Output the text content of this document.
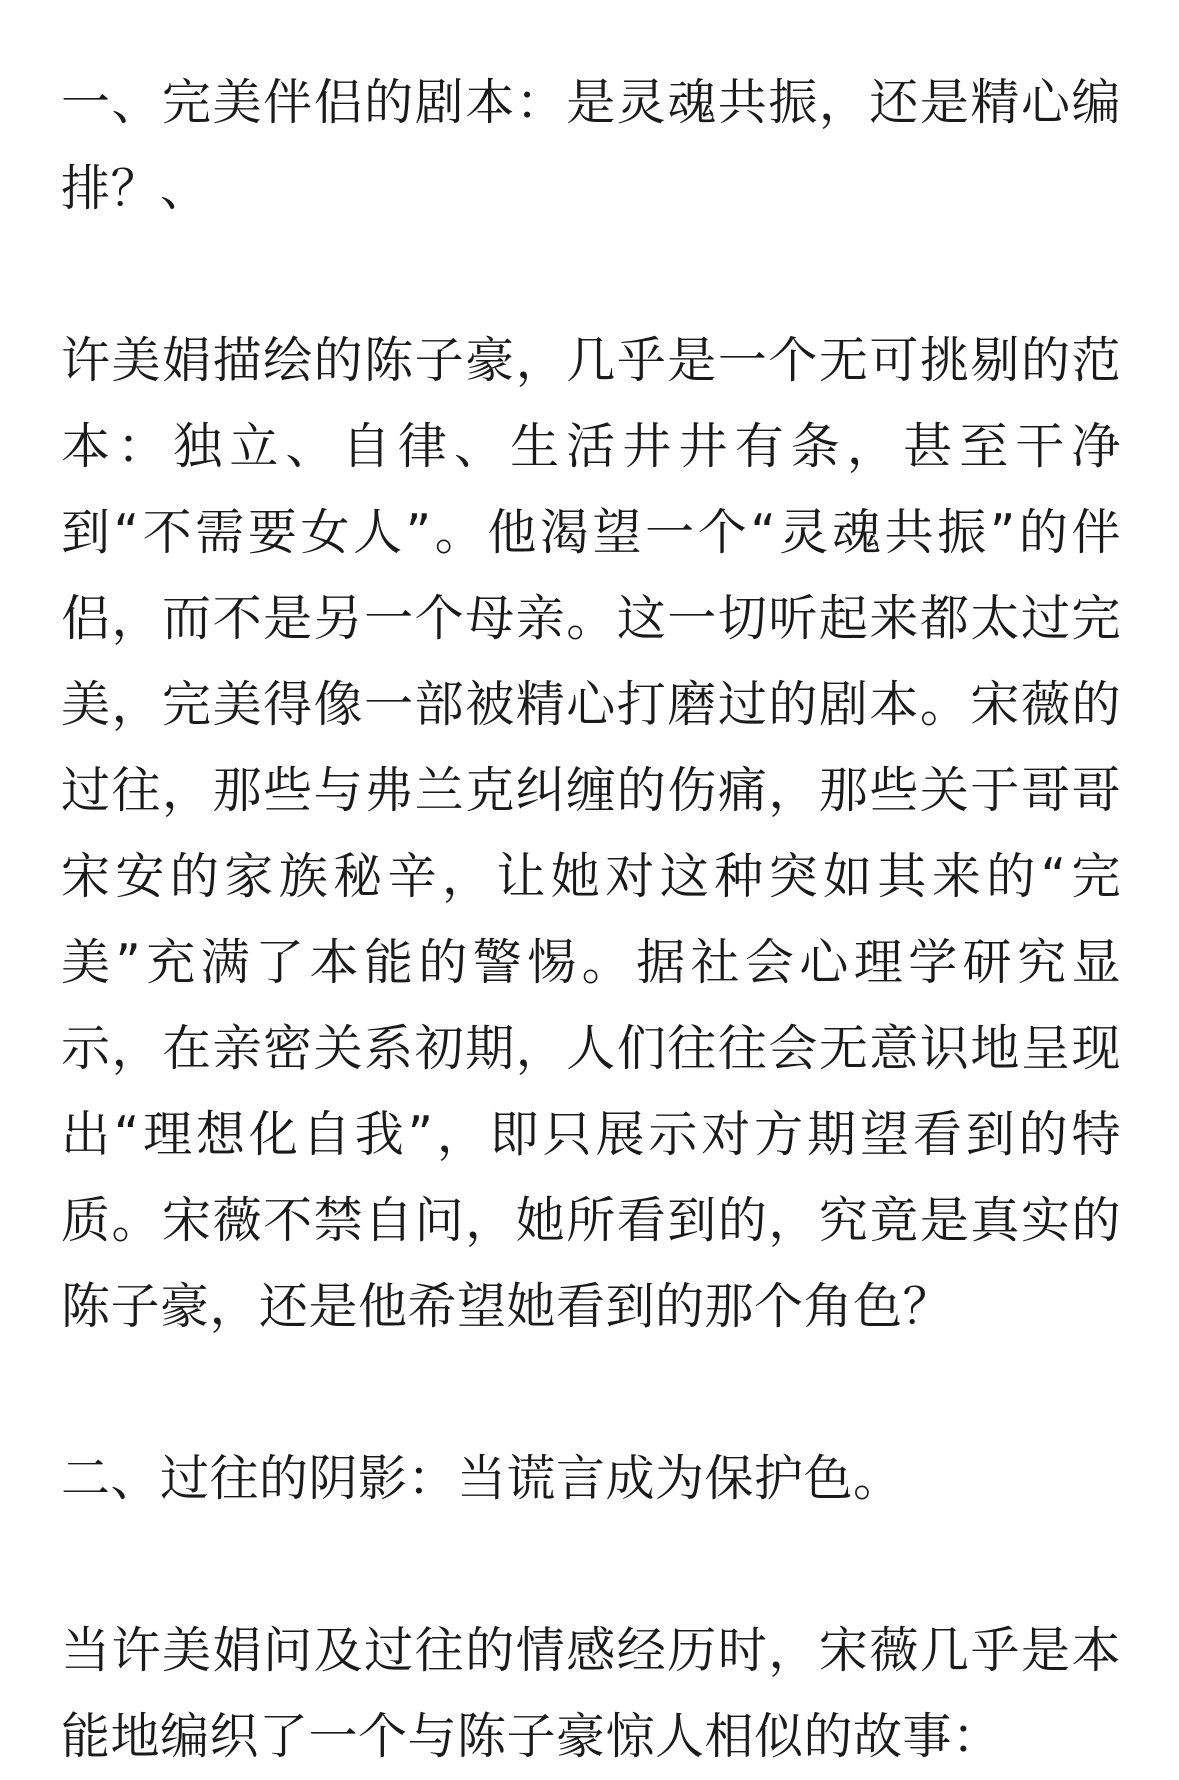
一、完美伴侣的剧本：是灵魂共振，还是精心编排？、

许美娟描绘的陈子豪，几乎是一个无可挑剔的范本：独立、自律、生活井井有条，甚至干净到“不需要女人”。他渴望一个“灵魂共振”的伴侣，而不是另一个母亲。这一切听起来都太过完美，完美得像一部被精心打磨过的剧本。宋薇的过往，那些与弗兰克纠缠的伤痛，那些关于哥哥宋安的家族秘辛，让她对这种突如其来的“完美”充满了本能的警惕。据社会心理学研究显示，在亲密关系初期，人们往往会无意识地呈现出“理想化自我”，即只展示对方期望看到的特质。宋薇不禁自问，她所看到的，究竟是真实的陈子豪，还是他希望她看到的那个角色？

二、过往的阴影：当谎言成为保护色。

当许美娟问及过往的情感经历时，宋薇几乎是本能地编织了一个与陈子豪惊人相似的故事：
